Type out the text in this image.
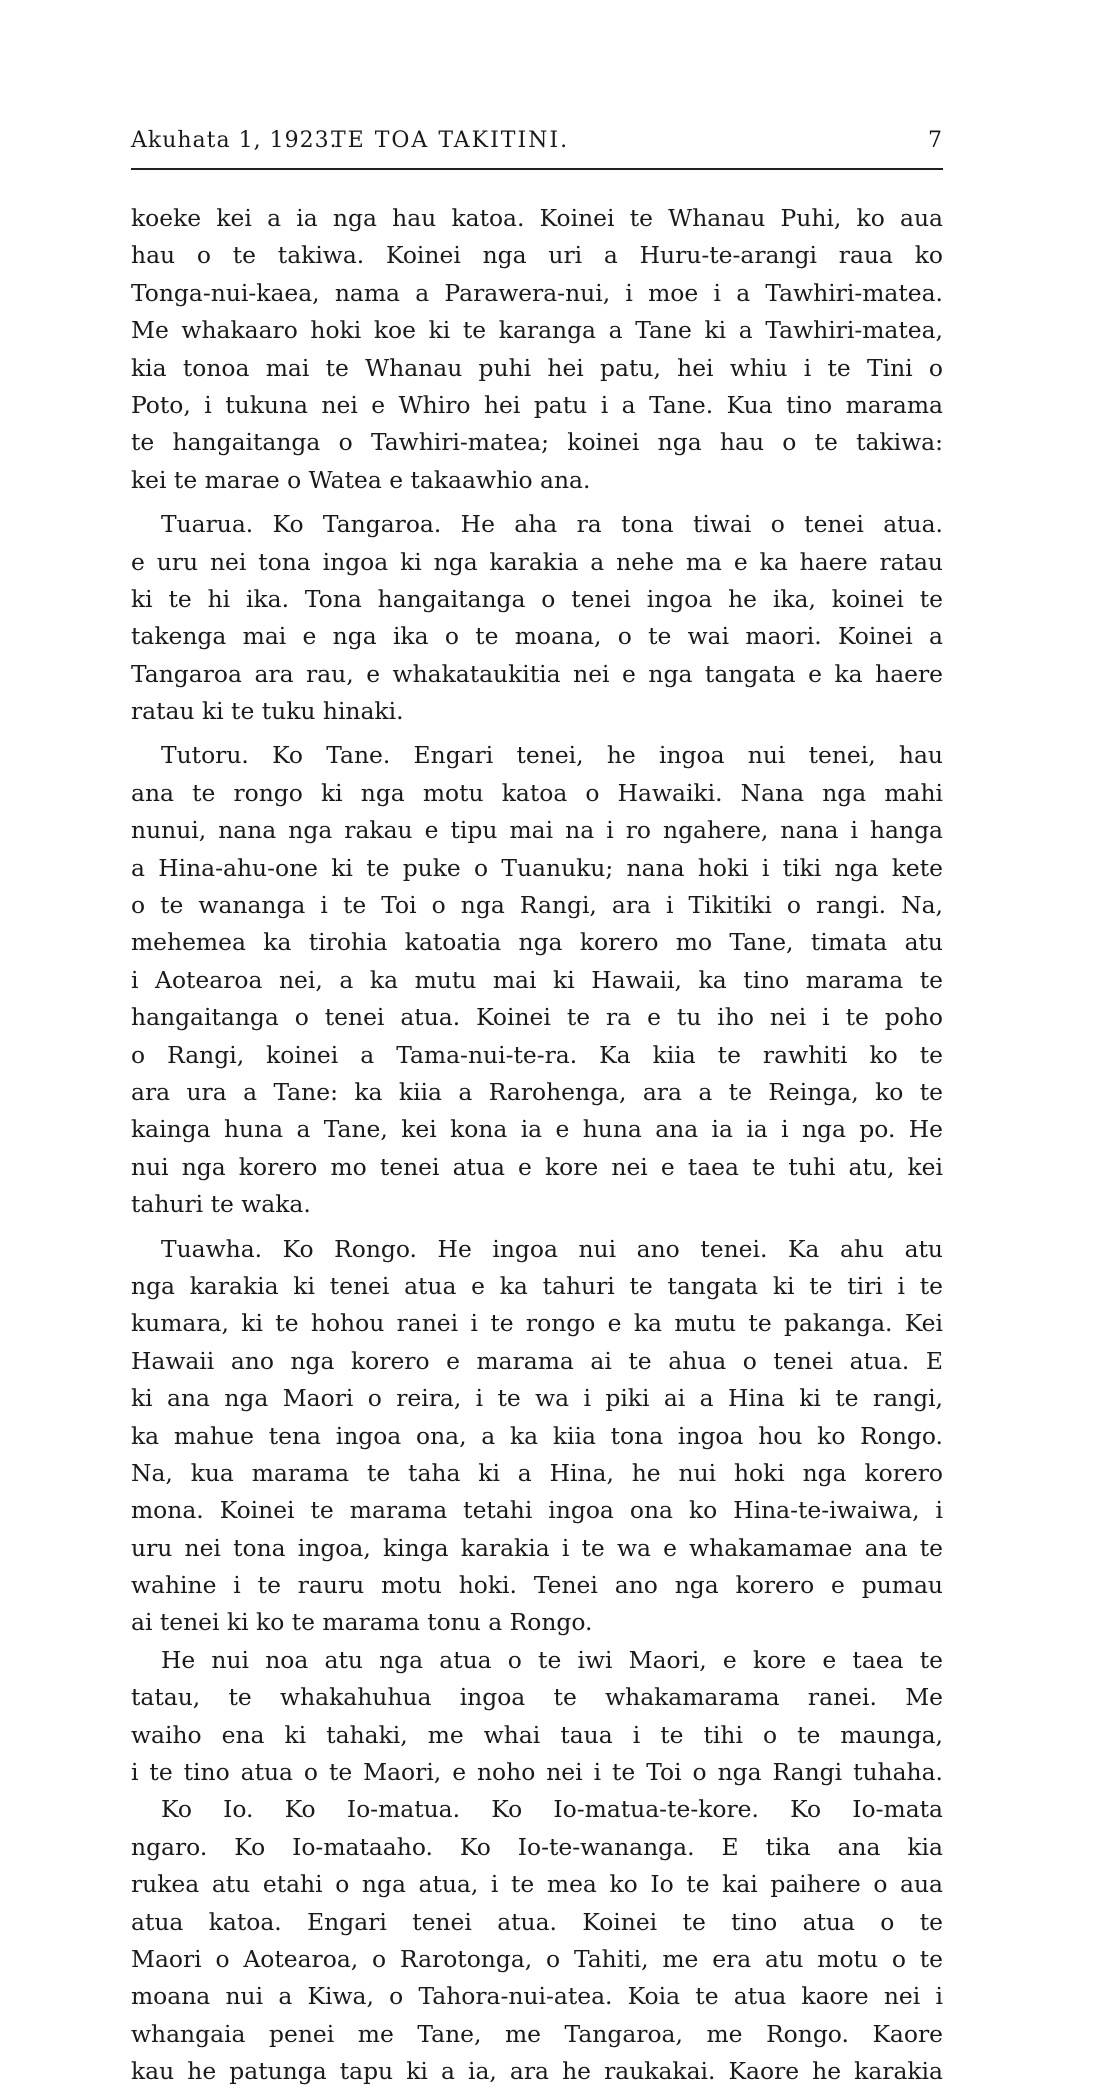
Akuhata 1, 1923.
TE TOA TAKITINI.	7
koeke kei a ia nga hau katoa. Koinei te Whanau Puhi, ko aua
hau o te takiwa. Koinei nga uri a Huru-te-arangi raua ko
Tonga-nui-kaea, nama a Parawera-nui, i moe i a Tawhiri-matea.
Me whakaaro hoki koe ki te karanga a Tane ki a Tawhiri-matea,
kia tonoa mai te Whanau puhi hei patu, hei whiu i te Tini o
Poto, i tukuna nei e Whiro hei patu i a Tane. Kua tino marama
te hangaitanga o Tawhiri-matea; koinei nga hau o te takiwa:
kei te marae o Watea e takaawhio ana.
Tuarua. Ko Tangaroa. He aha ra tona tiwai o tenei atua.
e uru nei tona ingoa ki nga karakia a nehe ma e ka haere ratau
ki te hi ika. Tona hangaitanga o tenei ingoa he ika, koinei te
takenga mai e nga ika o te moana, o te wai maori. Koinei a
Tangaroa ara rau, e whakataukitia nei e nga tangata e ka haere
ratau ki te tuku hinaki.
Tutoru. Ko Tane. Engari tenei, he ingoa nui tenei, hau
ana te rongo ki nga motu katoa o Hawaiki. Nana nga mahi
nunui, nana nga rakau e tipu mai na i ro ngahere, nana i hanga
a Hina-ahu-one ki te puke o Tuanuku; nana hoki i tiki nga kete
o te wananga i te Toi o nga Rangi, ara i Tikitiki o rangi. Na,
mehemea ka tirohia katoatia nga korero mo Tane, timata atu
i Aotearoa nei, a ka mutu mai ki Hawaii, ka tino marama te
hangaitanga o tenei atua. Koinei te ra e tu iho nei i te poho
o Rangi, koinei a Tama-nui-te-ra. Ka kiia te rawhiti ko te
ara ura a Tane: ka kiia a Rarohenga, ara a te Reinga, ko te
kainga huna a Tane, kei kona ia e huna ana ia ia i nga po. He
nui nga korero mo tenei atua e kore nei e taea te tuhi atu, kei
tahuri te waka.
Tuawha. Ko Rongo. He ingoa nui ano tenei. Ka ahu atu
nga karakia ki tenei atua e ka tahuri te tangata ki te tiri i te
kumara, ki te hohou ranei i te rongo e ka mutu te pakanga. Kei
Hawaii ano nga korero e marama ai te ahua o tenei atua. E
ki ana nga Maori o reira, i te wa i piki ai a Hina ki te rangi,
ka mahue tena ingoa ona, a ka kiia tona ingoa hou ko Rongo.
Na, kua marama te taha ki a Hina, he nui hoki nga korero
mona. Koinei te marama tetahi ingoa ona ko Hina-te-iwaiwa, i
uru nei tona ingoa, kinga karakia i te wa e whakamamae ana te
wahine i te rauru motu hoki. Tenei ano nga korero e pumau
ai tenei ki ko te marama tonu a Rongo.
He nui noa atu nga atua o te iwi Maori, e kore e taea te
tatau, te whakahuhua ingoa te whakamarama ranei. Me
waiho ena ki tahaki, me whai taua i te tihi o te maunga,
i te tino atua o te Maori, e noho nei i te Toi o nga Rangi tuhaha.
Ko Io. Ko Io-matua. Ko Io-matua-te-kore. Ko Io-mata
ngaro. Ko Io-mataaho. Ko Io-te-wananga. E tika ana kia
rukea atu etahi o nga atua, i te mea ko Io te kai paihere o aua
atua katoa. Engari tenei atua. Koinei te tino atua o te
Maori o Aotearoa, o Rarotonga, o Tahiti, me era atu motu o te
moana nui a Kiwa, o Tahora-nui-atea. Koia te atua kaore nei i
whangaia penei me Tane, me Tangaroa, me Rongo. Kaore
kau he patunga tapu ki a ia, ara he raukakai. Kaore he karakia
